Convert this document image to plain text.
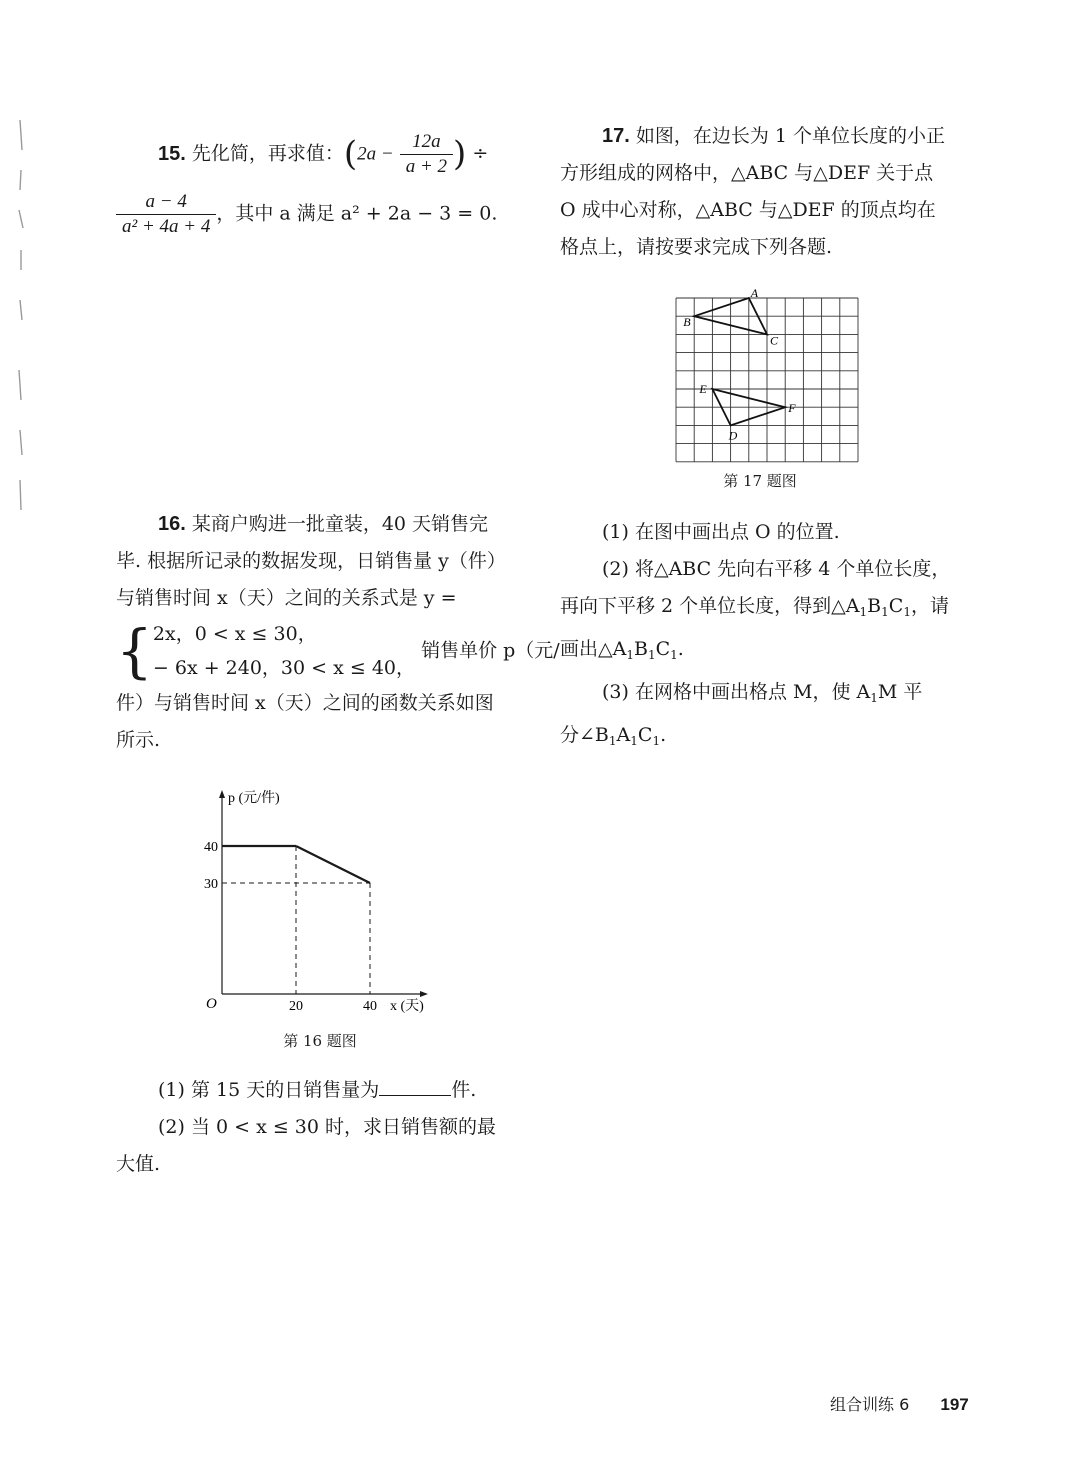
15. 先化简，再求值：($2a - \frac{12a}{a + 2}$ ) ÷
$\frac{a - 4}{\text{a² + 4a + 4}}$ ，其中 a 满足 a² + 2a − 3 = 0.
16. 某商户购进一批童装，40 天销售完
毕. 根据所记录的数据发现，日销售量 y（件）
与销售时间 x（天）之间的关系式是 y =
{ 2x，0 < x ≤ 30，
− 6x + 240，30 < x ≤ 40，
销售单价 p（元/
件）与销售时间 x（天）之间的函数关系如图
所示.
p (元/件)
x (天)
O
40
30
20	40
第 16 题图
(1) 第 15 天的日销售量为	件.
(2) 当 0 < x ≤ 30 时，求日销售额的最
大值.
17. 如图，在边长为 1 个单位长度的小正
方形组成的网格中，△ABC 与△DEF 关于点
O 成中心对称，△ABC 与△DEF 的顶点均在
格点上，请按要求完成下列各题.
A
B
C
D
E
F
第 17 题图
(1) 在图中画出点 O 的位置.
(2) 将△ABC 先向右平移 4 个单位长度，
再向下平移 2 个单位长度，得到$\triangle A_1B_1C_1$，请
画出$\triangle A_1B_1C_1$.
(3) 在网格中画出格点 M，使 $A_1M$ 平
分$\angle B_1A_1C_1$.
组合训练 6 197
